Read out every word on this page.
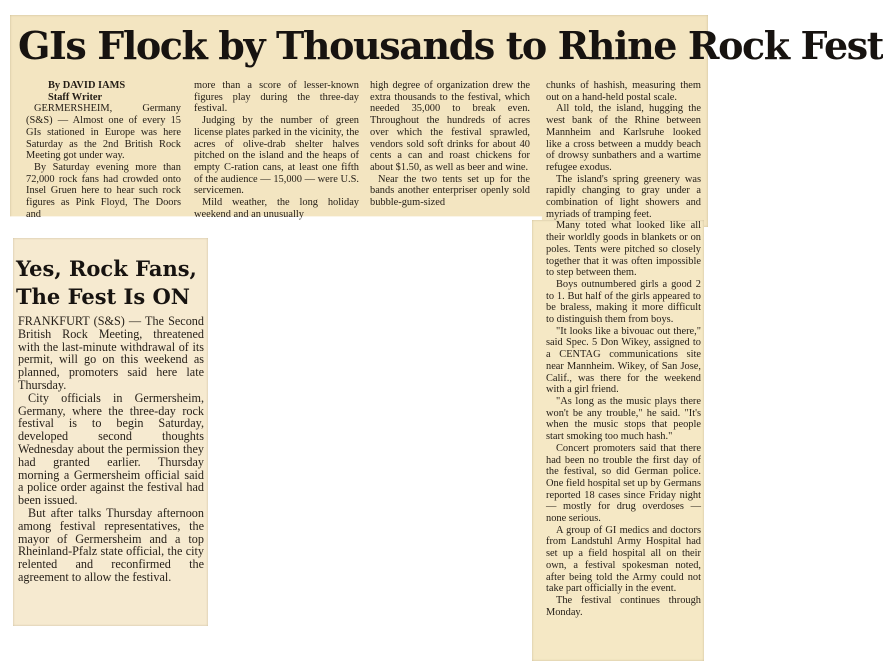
GIs Flock by Thousands to Rhine Rock Fest

By DAVID IAMS

Staff Writer

GERMERSHEIM, Germany (S&S) — Almost one of every 15 GIs stationed in Europe was here Saturday as the 2nd British Rock Meeting got under way.

By Saturday evening more than 72,000 rock fans had crowded onto Insel Gruen here to hear such rock figures as Pink Floyd, The Doors and

more than a score of lesser-known figures play during the three-day festival.

Judging by the number of green license plates parked in the vicinity, the acres of olive-drab shelter halves pitched on the island and the heaps of empty C-ration cans, at least one fifth of the audience — 15,000 — were U.S. servicemen.

Mild weather, the long holiday weekend and an unusually

high degree of organization drew the extra thousands to the festival, which needed 35,000 to break even. Throughout the hundreds of acres over which the festival sprawled, vendors sold soft drinks for about 40 cents a can and roast chickens for about $1.50, as well as beer and wine.

Near the two tents set up for the bands another enterpriser openly sold bubble-gum-sized

chunks of hashish, measuring them out on a hand-held postal scale.

All told, the island, hugging the west bank of the Rhine between Mannheim and Karlsruhe looked like a cross between a muddy beach of drowsy sunbathers and a wartime refugee exodus.

The island's spring greenery was rapidly changing to gray under a combination of light showers and myriads of tramping feet.

Many toted what looked like all their worldly goods in blankets or on poles. Tents were pitched so closely together that it was often impossible to step between them.

Boys outnumbered girls a good 2 to 1. But half of the girls appeared to be braless, making it more difficult to distinguish them from boys.

"It looks like a bivouac out there," said Spec. 5 Don Wikey, assigned to a CENTAG communications site near Mannheim. Wikey, of San Jose, Calif., was there for the weekend with a girl friend.

"As long as the music plays there won't be any trouble," he said. "It's when the music stops that people start smoking too much hash."

Concert promoters said that there had been no trouble the first day of the festival, so did German police. One field hospital set up by Germans reported 18 cases since Friday night — mostly for drug overdoses — none serious.

A group of GI medics and doctors from Landstuhl Army Hospital had set up a field hospital all on their own, a festival spokesman noted, after being told the Army could not take part officially in the event.

The festival continues through Monday.

Yes, Rock Fans,
The Fest Is ON

FRANKFURT (S&S) — The Second British Rock Meeting, threatened with the last-minute withdrawal of its permit, will go on this weekend as planned, promoters said here late Thursday.

City officials in Germersheim, Germany, where the three-day rock festival is to begin Saturday, developed second thoughts Wednesday about the permission they had granted earlier. Thursday morning a Germersheim official said a police order against the festival had been issued.

But after talks Thursday afternoon among festival representatives, the mayor of Germersheim and a top Rheinland-Pfalz state official, the city relented and reconfirmed the agreement to allow the festival.
